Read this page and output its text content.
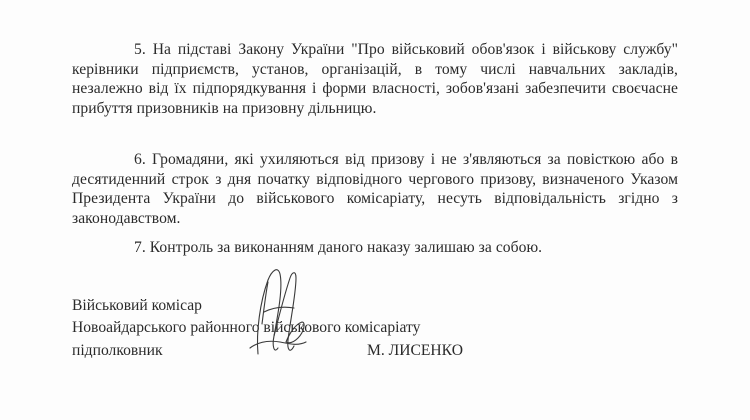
5. На підставі Закону України "Про військовий обов'язок і військову службу" керівники підприємств, установ, організацій, в тому числі навчальних закладів, незалежно від їх підпорядкування і форми власності, зобов'язані забезпечити своєчасне прибуття призовників на призовну дільницю.

6. Громадяни, які ухиляються від призову і не з'являються за повісткою або в десятиденний строк з дня початку відповідного чергового призову, визначеного Указом Президента України до військового комісаріату, несуть відповідальність згідно з законодавством.

7. Контроль за виконанням даного наказу залишаю за собою.

Військовий комісар

Новоайдарського районного військового комісаріату

підполковник	М. ЛИСЕНКО
